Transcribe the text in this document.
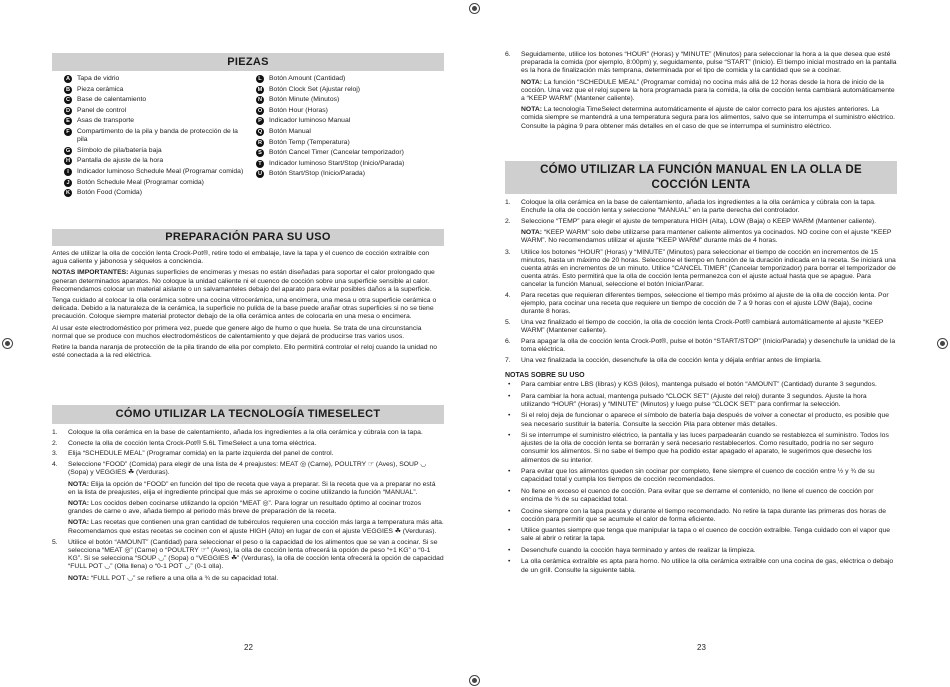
PIEZAS
A Tapa de vidrio
B Pieza cerámica
C Base de calentamiento
D Panel de control
E	Asas de transporte
F	Compartimento de la pila y banda de protección de la pila
G Símbolo de pila/batería baja
H Pantalla de ajuste de la hora
I	Indicador luminoso Schedule Meal (Programar comida)
J	Botón Schedule Meal (Programar comida)
K Botón Food (Comida)
L	Botón Amount (Cantidad)
M Botón Clock Set (Ajustar reloj)
N Botón Minute (Minutos)
O Botón Hour (Horas)
P	Indicador luminoso Manual
Q Botón Manual
R Botón Temp (Temperatura)
S	Botón Cancel Timer (Cancelar temporizador)
T	Indicador luminoso Start/Stop (Inicio/Parada)
U Botón Start/Stop (Inicio/Parada)
PREPARACIÓN PARA SU USO

Antes de utilizar la olla de cocción lenta Crock-Pot®, retire todo el embalaje, lave la tapa y el cuenco de cocción extraíble con agua caliente y jabonosa y séquelos a conciencia.

NOTAS IMPORTANTES: Algunas superficies de encimeras y mesas no están diseñadas para soportar el calor prolongado que generan determinados aparatos. No coloque la unidad caliente ni el cuenco de cocción sobre una superficie sensible al calor. Recomendamos colocar un material aislante o un salvamanteles debajo del aparato para evitar posibles daños a la superficie.

Tenga cuidado al colocar la olla cerámica sobre una cocina vitrocerámica, una encimera, una mesa u otra superficie cerámica o delicada. Debido a la naturaleza de la cerámica, la superficie no pulida de la base puede arañar otras superficies si no se tiene precaución. Coloque siempre material protector debajo de la olla cerámica antes de colocarla en una mesa o encimera.

Al usar este electrodoméstico por primera vez, puede que genere algo de humo o que huela. Se trata de una circunstancia normal que se produce con muchos electrodomésticos de calentamiento y que dejará de producirse tras varios usos.

Retire la banda naranja de protección de la pila tirando de ella por completo. Ello permitirá controlar el reloj cuando la unidad no esté conectada a la red eléctrica.

CÓMO UTILIZAR LA TECNOLOGÍA TIMESELECT
1. Coloque la olla cerámica en la base de calentamiento, añada los ingredientes a la olla cerámica y cúbrala con la tapa.
2. Conecte la olla de cocción lenta Crock-Pot® 5.6L TimeSelect a una toma eléctrica.
3. Elija “SCHEDULE MEAL” (Programar comida) en la parte izquierda del panel de control.
4. Seleccione “FOOD” (Comida) para elegir de una lista de 4 preajustes: MEAT ◎ (Carne), POULTRY ☞ (Aves), SOUP ◡ (Sopa) y VEGGIES ☘ (Verduras).
NOTA: Elija la opción de “FOOD” en función del tipo de receta que vaya a preparar. Si la receta que va a preparar no está en la lista de preajustes, elija el ingrediente principal que más se aproxime o cocine utilizando la función “MANUAL”.
NOTA: Los cocidos deben cocinarse utilizando la opción “MEAT ◎”. Para lograr un resultado óptimo al cocinar trozos grandes de carne o ave, añada tiempo al periodo más breve de preparación de la receta.
NOTA: Las recetas que contienen una gran cantidad de tubérculos requieren una cocción más larga a temperatura más alta. Recomendamos que estas recetas se cocinen con el ajuste HIGH (Alto) en lugar de con el ajuste VEGGIES ☘ (Verduras).
5. Utilice el botón “AMOUNT” (Cantidad) para seleccionar el peso o la capacidad de los alimentos que se van a cocinar. Si se selecciona “MEAT ◎” (Carne) o “POULTRY ☞” (Aves), la olla de cocción lenta ofrecerá la opción de peso “+1 KG” o “0-1 KG”. Si se selecciona “SOUP ◡” (Sopa) o “VEGGIES ☘” (Verduras), la olla de cocción lenta ofrecerá la opción de capacidad “FULL POT ◡” (Olla llena) o “0-1 POT ◡” (0-1 olla).
NOTA: “FULL POT ◡” se refiere a una olla a ¾ de su capacidad total.
22
6. Seguidamente, utilice los botones “HOUR” (Horas) y “MINUTE” (Minutos) para seleccionar la hora a la que desea que esté preparada la comida (por ejemplo, 8:00pm) y, seguidamente, pulse “START” (Inicio). El tiempo inicial mostrado en la pantalla es la hora de finalización más temprana, determinada por el tipo de comida y la cantidad que se a cocinar.
NOTA: La función “SCHEDULE MEAL” (Programar comida) no cocina más allá de 12 horas desde la hora de inicio de la cocción. Una vez que el reloj supere la hora programada para la comida, la olla de cocción lenta cambiará automáticamente a “KEEP WARM” (Mantener caliente).
NOTA: La tecnología TimeSelect determina automáticamente el ajuste de calor correcto para los ajustes anteriores. La comida siempre se mantendrá a una temperatura segura para los alimentos, salvo que se interrumpa el suministro eléctrico. Consulte la página 9 para obtener más detalles en el caso de que se interrumpa el suministro eléctrico.
CÓMO UTILIZAR LA FUNCIÓN MANUAL EN LA OLLA DE
COCCIÓN LENTA
1. Coloque la olla cerámica en la base de calentamiento, añada los ingredientes a la olla cerámica y cúbrala con la tapa. Enchufe la olla de cocción lenta y seleccione “MANUAL” en la parte derecha del controlador.
2. Seleccione “TEMP” para elegir el ajuste de temperatura HIGH (Alta), LOW (Baja) o KEEP WARM (Mantener caliente).
NOTA: “KEEP WARM” solo debe utilizarse para mantener caliente alimentos ya cocinados. NO cocine con el ajuste “KEEP WARM”. No recomendamos utilizar el ajuste “KEEP WARM” durante más de 4 horas.
3. Utilice los botones “HOUR” (Horas) y “MINUTE” (Minutos) para seleccionar el tiempo de cocción en incrementos de 15 minutos, hasta un máximo de 20 horas. Seleccione el tiempo en función de la duración indicada en la receta. Se iniciará una cuenta atrás en incrementos de un minuto. Utilice “CANCEL TIMER” (Cancelar temporizador) para borrar el temporizador de cuenta atrás. Esto permitirá que la olla de cocción lenta permanezca con el ajuste actual hasta que se apague. Para cancelar la función Manual, seleccione el botón Iniciar/Parar.
4. Para recetas que requieran diferentes tiempos, seleccione el tiempo más próximo al ajuste de la olla de cocción lenta. Por ejemplo, para cocinar una receta que requiere un tiempo de cocción de 7 a 9 horas con el ajuste LOW (Baja), cocine durante 8 horas.
5. Una vez finalizado el tiempo de cocción, la olla de cocción lenta Crock-Pot® cambiará automáticamente al ajuste “KEEP WARM” (Mantener caliente).
6. Para apagar la olla de cocción lenta Crock-Pot®, pulse el botón “START/STOP” (Inicio/Parada) y desenchufe la unidad de la toma eléctrica.
7. Una vez finalizada la cocción, desenchufe la olla de cocción lenta y déjala enfriar antes de limpiarla.
NOTAS SOBRE SU USO
• Para cambiar entre LBS (libras) y KGS (kilos), mantenga pulsado el botón “AMOUNT” (Cantidad) durante 3 segundos.
• Para cambiar la hora actual, mantenga pulsado “CLOCK SET” (Ajuste del reloj) durante 3 segundos. Ajuste la hora utilizando “HOUR” (Horas) y “MINUTE” (Minutos) y luego pulse “CLOCK SET” para confirmar la selección.
• Si el reloj deja de funcionar o aparece el símbolo de batería baja después de volver a conectar el producto, es posible que sea necesario sustituir la batería. Consulte la sección Pila para obtener más detalles.
• Si se interrumpe el suministro eléctrico, la pantalla y las luces parpadearán cuando se restablezca el suministro. Todos los ajustes de la olla de cocción lenta se borrarán y será necesario restablecerlos. Como resultado, podría no ser seguro consumir los alimentos. Si no sabe el tiempo que ha podido estar apagado el aparato, le sugerimos que deseche los alimentos de su interior.
• Para evitar que los alimentos queden sin cocinar por completo, llene siempre el cuenco de cocción entre ½ y ¾ de su capacidad total y cumpla los tiempos de cocción recomendados.
• No llene en exceso el cuenco de cocción. Para evitar que se derrame el contenido, no llene el cuenco de cocción por encima de ¾ de su capacidad total.
• Cocine siempre con la tapa puesta y durante el tiempo recomendado. No retire la tapa durante las primeras dos horas de cocción para permitir que se acumule el calor de forma eficiente.
• Utilice guantes siempre que tenga que manipular la tapa o el cuenco de cocción extraíble. Tenga cuidado con el vapor que sale al abrir o retirar la tapa.
• Desenchufe cuando la cocción haya terminado y antes de realizar la limpieza.
• La olla cerámica extraíble es apta para horno. No utilice la olla cerámica extraíble con una cocina de gas, eléctrica o debajo de un grill. Consulte la siguiente tabla.
23
